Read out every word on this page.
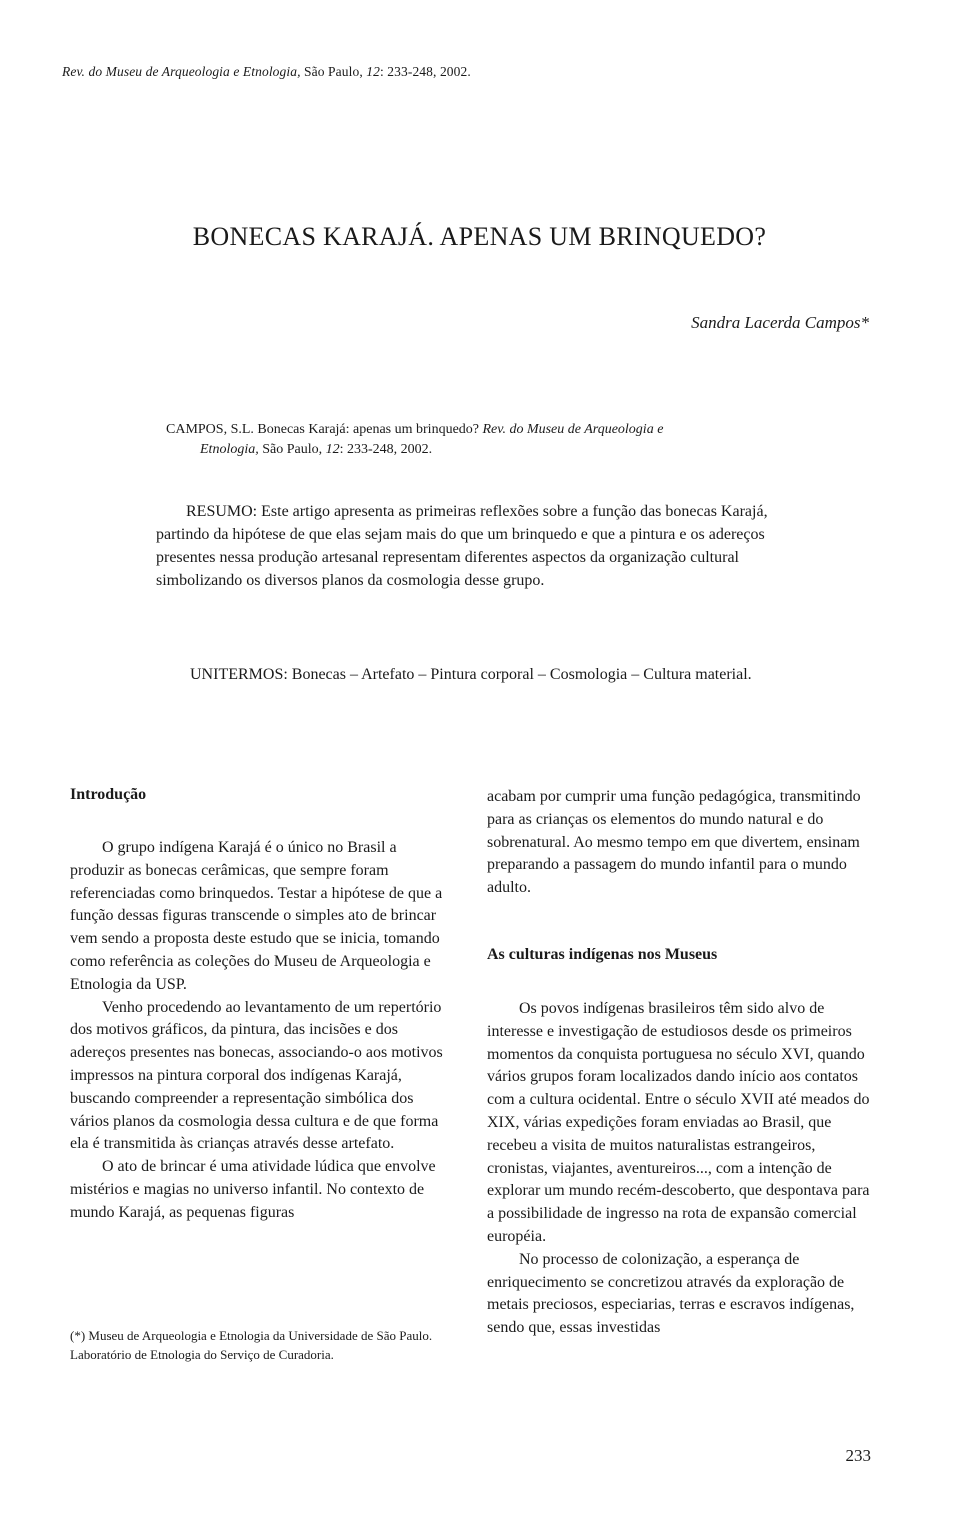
Rev. do Museu de Arqueologia e Etnologia, São Paulo, 12: 233-248, 2002.
BONECAS KARAJÁ. APENAS UM BRINQUEDO?
Sandra Lacerda Campos*
CAMPOS, S.L. Bonecas Karajá: apenas um brinquedo? Rev. do Museu de Arqueologia e
Etnologia, São Paulo, 12: 233-248, 2002.

RESUMO: Este artigo apresenta as primeiras reflexões sobre a função das bonecas Karajá, partindo da hipótese de que elas sejam mais do que um brinquedo e que a pintura e os adereços presentes nessa produção artesanal representam diferentes aspectos da organização cultural simbolizando os diversos planos da cosmologia desse grupo.

UNITERMOS: Bonecas – Artefato – Pintura corporal – Cosmologia – Cultura material.

Introdução

O grupo indígena Karajá é o único no Brasil a produzir as bonecas cerâmicas, que sempre foram referenciadas como brinquedos. Testar a hipótese de que a função dessas figuras transcende o simples ato de brincar vem sendo a proposta deste estudo que se inicia, tomando como referência as coleções do Museu de Arqueologia e Etnologia da USP.

Venho procedendo ao levantamento de um repertório dos motivos gráficos, da pintura, das incisões e dos adereços presentes nas bonecas, associando-o aos motivos impressos na pintura corporal dos indígenas Karajá, buscando compreender a representação simbólica dos vários planos da cosmologia dessa cultura e de que forma ela é transmitida às crianças através desse artefato.

O ato de brincar é uma atividade lúdica que envolve mistérios e magias no universo infantil. No contexto de mundo Karajá, as pequenas figuras

(*) Museu de Arqueologia e Etnologia da Universidade de São Paulo. Laboratório de Etnologia do Serviço de Curadoria.

acabam por cumprir uma função pedagógica, transmitindo para as crianças os elementos do mundo natural e do sobrenatural. Ao mesmo tempo em que divertem, ensinam preparando a passagem do mundo infantil para o mundo adulto.

As culturas indígenas nos Museus

Os povos indígenas brasileiros têm sido alvo de interesse e investigação de estudiosos desde os primeiros momentos da conquista portuguesa no século XVI, quando vários grupos foram localizados dando início aos contatos com a cultura ocidental. Entre o século XVII até meados do XIX, várias expedições foram enviadas ao Brasil, que recebeu a visita de muitos naturalistas estrangeiros, cronistas, viajantes, aventureiros..., com a intenção de explorar um mundo recém-descoberto, que despontava para a possibilidade de ingresso na rota de expansão comercial européia.

No processo de colonização, a esperança de enriquecimento se concretizou através da exploração de metais preciosos, especiarias, terras e escravos indígenas, sendo que, essas investidas

233
